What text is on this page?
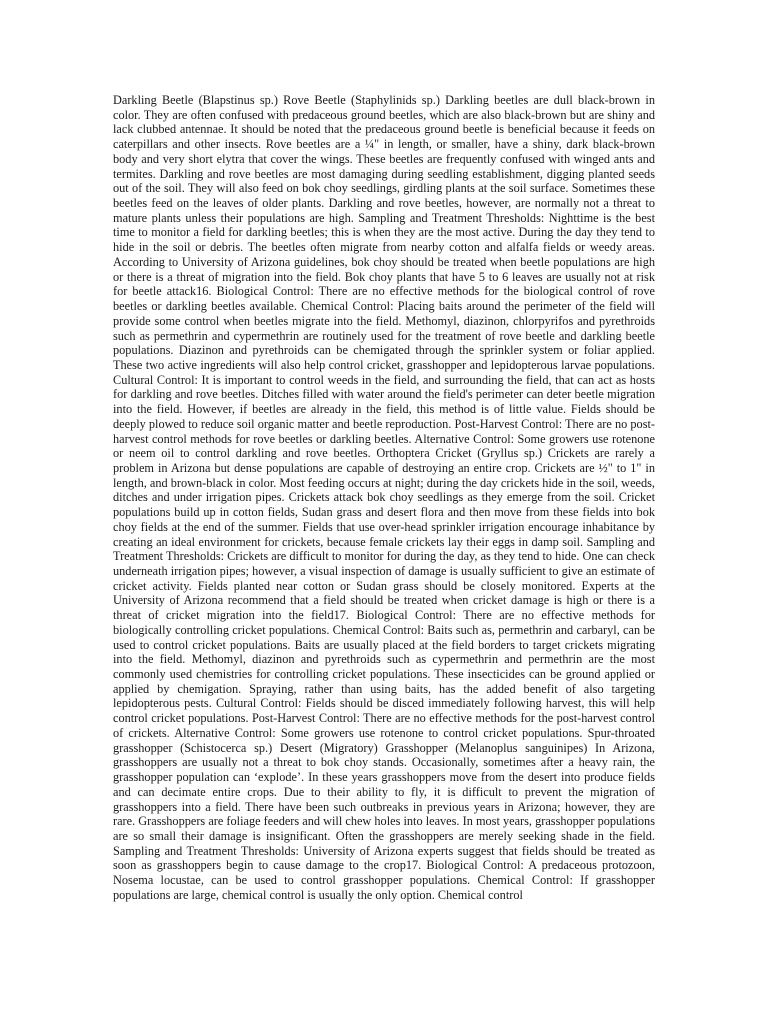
Darkling Beetle (Blapstinus sp.) Rove Beetle (Staphylinids sp.) Darkling beetles are dull black-brown in color. They are often confused with predaceous ground beetles, which are also black-brown but are shiny and lack clubbed antennae. It should be noted that the predaceous ground beetle is beneficial because it feeds on caterpillars and other insects. Rove beetles are a ¼" in length, or smaller, have a shiny, dark black-brown body and very short elytra that cover the wings. These beetles are frequently confused with winged ants and termites. Darkling and rove beetles are most damaging during seedling establishment, digging planted seeds out of the soil. They will also feed on bok choy seedlings, girdling plants at the soil surface. Sometimes these beetles feed on the leaves of older plants. Darkling and rove beetles, however, are normally not a threat to mature plants unless their populations are high. Sampling and Treatment Thresholds: Nighttime is the best time to monitor a field for darkling beetles; this is when they are the most active. During the day they tend to hide in the soil or debris. The beetles often migrate from nearby cotton and alfalfa fields or weedy areas. According to University of Arizona guidelines, bok choy should be treated when beetle populations are high or there is a threat of migration into the field. Bok choy plants that have 5 to 6 leaves are usually not at risk for beetle attack16. Biological Control: There are no effective methods for the biological control of rove beetles or darkling beetles available. Chemical Control: Placing baits around the perimeter of the field will provide some control when beetles migrate into the field. Methomyl, diazinon, chlorpyrifos and pyrethroids such as permethrin and cypermethrin are routinely used for the treatment of rove beetle and darkling beetle populations. Diazinon and pyrethroids can be chemigated through the sprinkler system or foliar applied. These two active ingredients will also help control cricket, grasshopper and lepidopterous larvae populations. Cultural Control: It is important to control weeds in the field, and surrounding the field, that can act as hosts for darkling and rove beetles. Ditches filled with water around the field's perimeter can deter beetle migration into the field. However, if beetles are already in the field, this method is of little value. Fields should be deeply plowed to reduce soil organic matter and beetle reproduction. Post-Harvest Control: There are no post-harvest control methods for rove beetles or darkling beetles. Alternative Control: Some growers use rotenone or neem oil to control darkling and rove beetles. Orthoptera Cricket (Gryllus sp.) Crickets are rarely a problem in Arizona but dense populations are capable of destroying an entire crop. Crickets are ½" to 1" in length, and brown-black in color. Most feeding occurs at night; during the day crickets hide in the soil, weeds, ditches and under irrigation pipes. Crickets attack bok choy seedlings as they emerge from the soil. Cricket populations build up in cotton fields, Sudan grass and desert flora and then move from these fields into bok choy fields at the end of the summer. Fields that use over-head sprinkler irrigation encourage inhabitance by creating an ideal environment for crickets, because female crickets lay their eggs in damp soil. Sampling and Treatment Thresholds: Crickets are difficult to monitor for during the day, as they tend to hide. One can check underneath irrigation pipes; however, a visual inspection of damage is usually sufficient to give an estimate of cricket activity. Fields planted near cotton or Sudan grass should be closely monitored. Experts at the University of Arizona recommend that a field should be treated when cricket damage is high or there is a threat of cricket migration into the field17. Biological Control: There are no effective methods for biologically controlling cricket populations. Chemical Control: Baits such as, permethrin and carbaryl, can be used to control cricket populations. Baits are usually placed at the field borders to target crickets migrating into the field. Methomyl, diazinon and pyrethroids such as cypermethrin and permethrin are the most commonly used chemistries for controlling cricket populations. These insecticides can be ground applied or applied by chemigation. Spraying, rather than using baits, has the added benefit of also targeting lepidopterous pests. Cultural Control: Fields should be disced immediately following harvest, this will help control cricket populations. Post-Harvest Control: There are no effective methods for the post-harvest control of crickets. Alternative Control: Some growers use rotenone to control cricket populations. Spur-throated grasshopper (Schistocerca sp.) Desert (Migratory) Grasshopper (Melanoplus sanguinipes) In Arizona, grasshoppers are usually not a threat to bok choy stands. Occasionally, sometimes after a heavy rain, the grasshopper population can ‘explode’. In these years grasshoppers move from the desert into produce fields and can decimate entire crops. Due to their ability to fly, it is difficult to prevent the migration of grasshoppers into a field. There have been such outbreaks in previous years in Arizona; however, they are rare. Grasshoppers are foliage feeders and will chew holes into leaves. In most years, grasshopper populations are so small their damage is insignificant. Often the grasshoppers are merely seeking shade in the field. Sampling and Treatment Thresholds: University of Arizona experts suggest that fields should be treated as soon as grasshoppers begin to cause damage to the crop17. Biological Control: A predaceous protozoon, Nosema locustae, can be used to control grasshopper populations. Chemical Control: If grasshopper populations are large, chemical control is usually the only option. Chemical control
